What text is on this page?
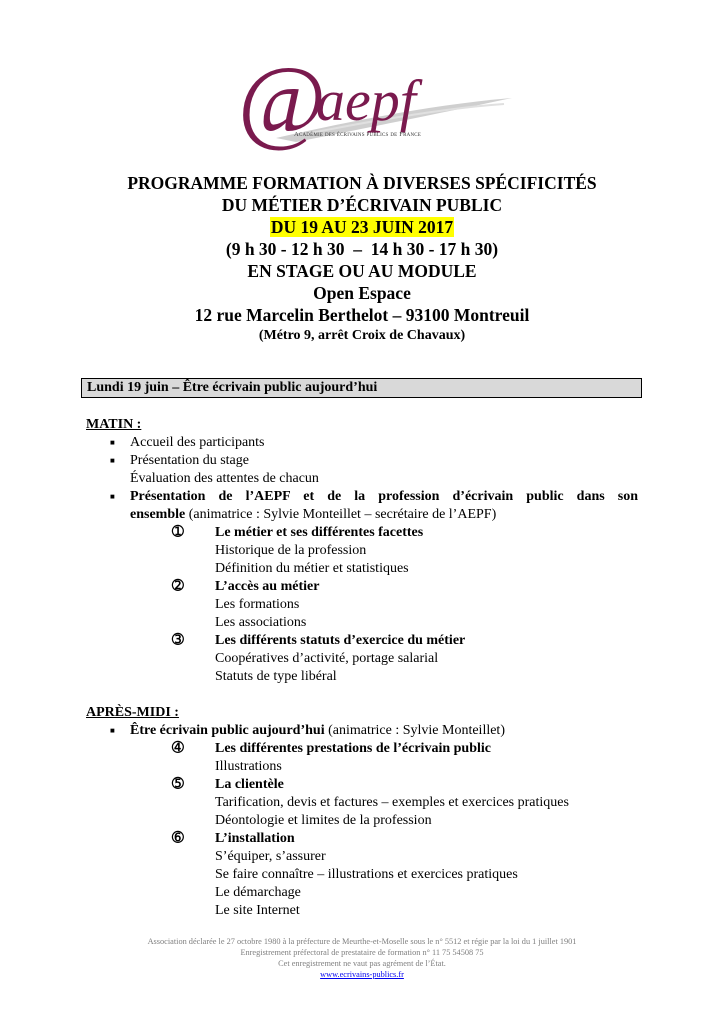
@
aepf
Académie des écrivains publics de France
PROGRAMME FORMATION À DIVERSES SPÉCIFICITÉS
DU MÉTIER D’ÉCRIVAIN PUBLIC
DU 19 AU 23 JUIN 2017
(9 h 30 - 12 h 30  –  14 h 30 - 17 h 30)
EN STAGE OU AU MODULE
Open Espace
12 rue Marcelin Berthelot – 93100 Montreuil
(Métro 9, arrêt Croix de Chavaux)
Lundi 19 juin – Être écrivain public aujourd’hui
MATIN :
■ Accueil des participants
■ Présentation du stage
Évaluation des attentes de chacun
■ Présentation de l’AEPF et de la profession d’écrivain public dans son
ensemble (animatrice : Sylvie Monteillet – secrétaire de l’AEPF)
➀ Le métier et ses différentes facettes
Historique de la profession
Définition du métier et statistiques
➁ L’accès au métier
Les formations
Les associations
➂ Les différents statuts d’exercice du métier
Coopératives d’activité, portage salarial
Statuts de type libéral
APRÈS-MIDI :
■ Être écrivain public aujourd’hui (animatrice : Sylvie Monteillet)
➃ Les différentes prestations de l’écrivain public
Illustrations
➄ La clientèle
Tarification, devis et factures – exemples et exercices pratiques
Déontologie et limites de la profession
➅ L’installation
S’équiper, s’assurer
Se faire connaître – illustrations et exercices pratiques
Le démarchage
Le site Internet
Association déclarée le 27 octobre 1980 à la préfecture de Meurthe-et-Moselle sous le n° 5512 et régie par la loi du 1 juillet 1901
Enregistrement préfectoral de prestataire de formation n° 11 75 54508 75
Cet enregistrement ne vaut pas agrément de l’État.
www.ecrivains-publics.fr
